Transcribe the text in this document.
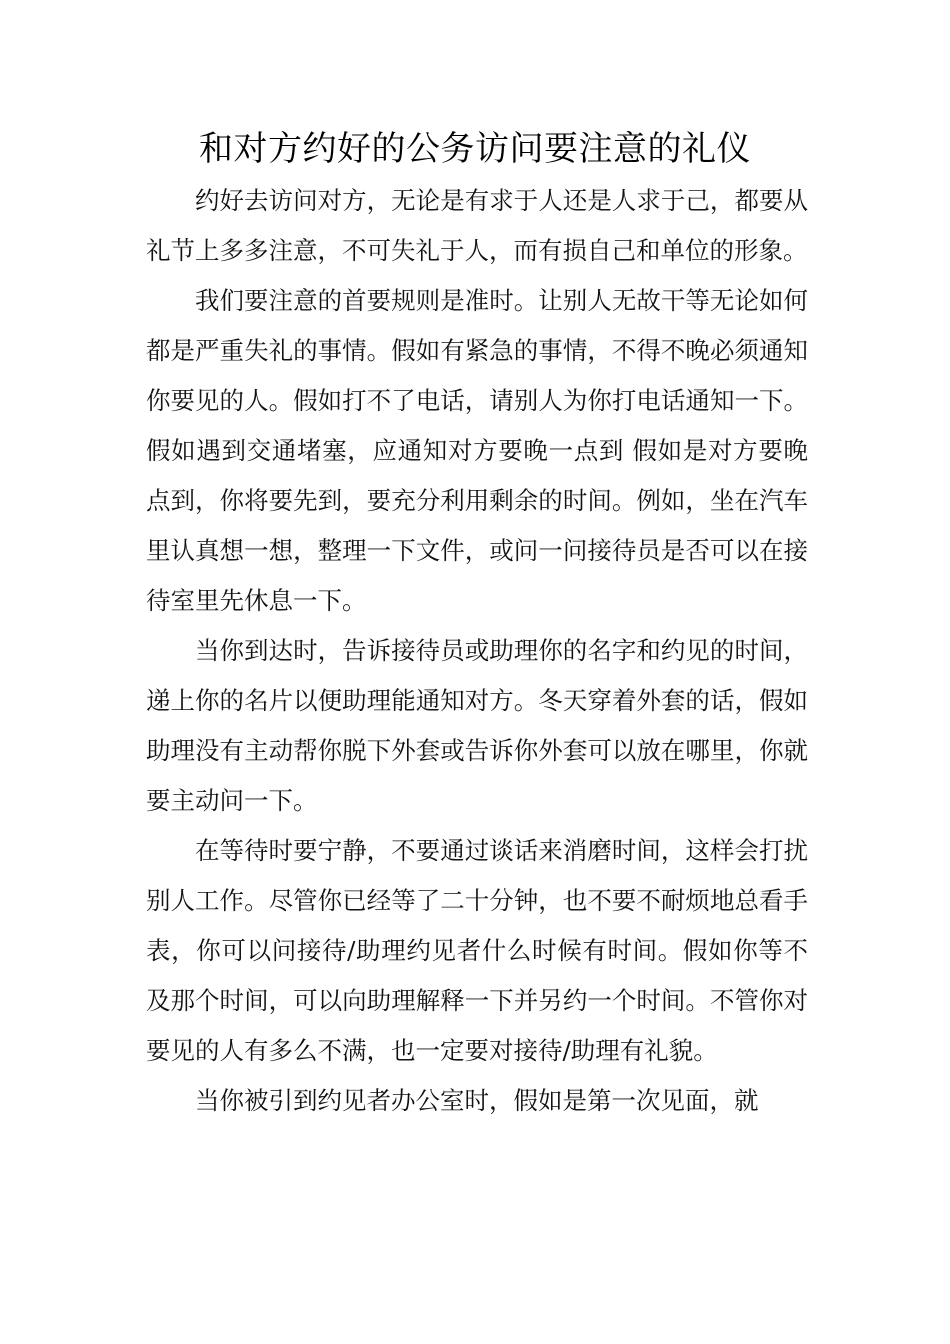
和对方约好的公务访问要注意的礼仪

约好去访问对方，无论是有求于人还是人求于己，都要从礼节上多多注意，不可失礼于人，而有损自己和单位的形象。

我们要注意的首要规则是准时。让别人无故干等无论如何都是严重失礼的事情。假如有紧急的事情，不得不晚必须通知你要见的人。假如打不了电话，请别人为你打电话通知一下。假如遇到交通堵塞，应通知对方要晚一点到 假如是对方要晚点到，你将要先到，要充分利用剩余的时间。例如，坐在汽车里认真想一想，整理一下文件，或问一问接待员是否可以在接待室里先休息一下。

当你到达时，告诉接待员或助理你的名字和约见的时间，递上你的名片以便助理能通知对方。冬天穿着外套的话，假如助理没有主动帮你脱下外套或告诉你外套可以放在哪里，你就要主动问一下。

在等待时要宁静，不要通过谈话来消磨时间，这样会打扰别人工作。尽管你已经等了二十分钟，也不要不耐烦地总看手表，你可以问接待/助理约见者什么时候有时间。假如你等不及那个时间，可以向助理解释一下并另约一个时间。不管你对要见的人有多么不满，也一定要对接待/助理有礼貌。

当你被引到约见者办公室时，假如是第一次见面，就
